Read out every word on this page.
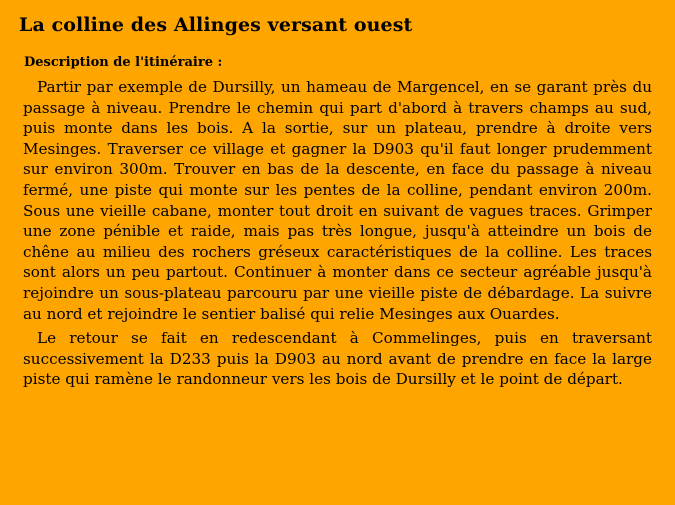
La colline des Allinges versant ouest
Description de l'itinéraire :

Partir par exemple de Dursilly, un hameau de Margencel, en se garant près du passage à niveau. Prendre le chemin qui part d'abord à travers champs au sud, puis monte dans les bois. A la sortie, sur un plateau, prendre à droite vers Mesinges. Traverser ce village et gagner la D903 qu'il faut longer prudemment sur environ 300m. Trouver en bas de la descente, en face du passage à niveau fermé, une piste qui monte sur les pentes de la colline, pendant environ 200m. Sous une vieille cabane, monter tout droit en suivant de vagues traces. Grimper une zone pénible et raide, mais pas très longue, jusqu'à atteindre un bois de chêne au milieu des rochers gréseux caractéristiques de la colline. Les traces sont alors un peu partout. Continuer à monter dans ce secteur agréable jusqu'à rejoindre un sous-plateau parcouru par une vieille piste de débardage. La suivre au nord et rejoindre le sentier balisé qui relie Mesinges aux Ouardes.

Le retour se fait en redescendant à Commelinges, puis en traversant successivement la D233 puis la D903 au nord avant de prendre en face la large piste qui ramène le randonneur vers les bois de Dursilly et le point de départ.
